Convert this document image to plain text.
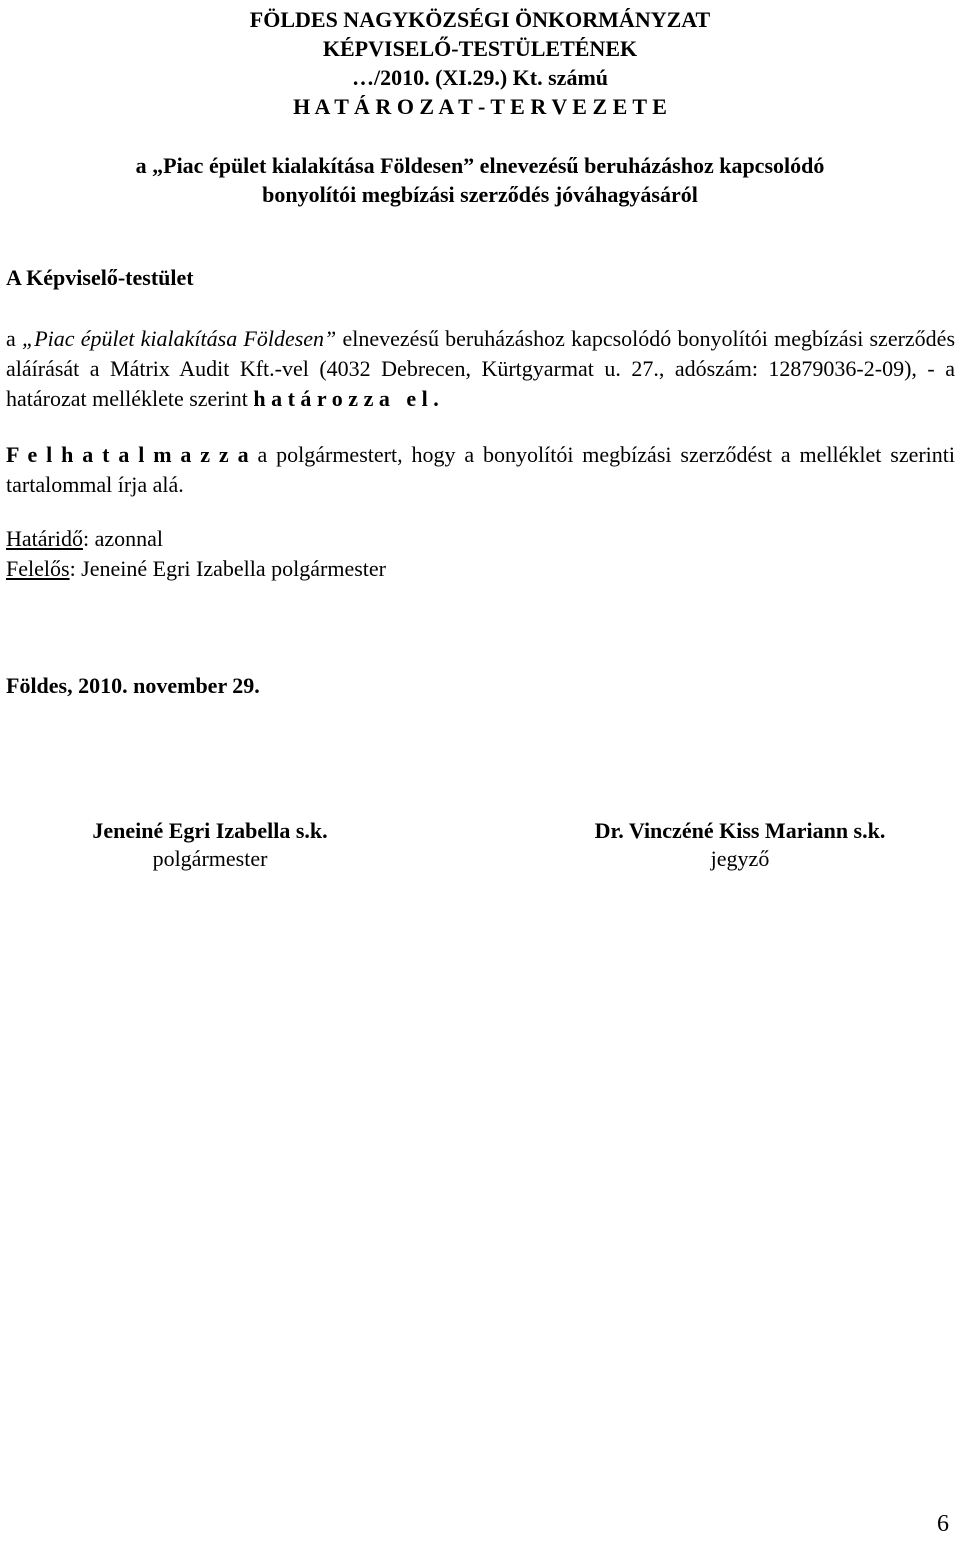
FÖLDES NAGYKÖZSÉGI ÖNKORMÁNYZAT
KÉPVISELŐ-TESTÜLETÉNEK
…/2010. (XI.29.) Kt. számú
H A T Á R O Z A T - T E R V E Z E T E
a „Piac épület kialakítása Földesen” elnevezésű beruházáshoz kapcsolódó
bonyolítói megbízási szerződés jóváhagyásáról
A Képviselő-testület
a „Piac épület kialakítása Földesen” elnevezésű beruházáshoz kapcsolódó bonyolítói megbízási szerződés aláírását a Mátrix Audit Kft.-vel (4032 Debrecen, Kürtgyarmat u. 27., adószám: 12879036-2-09), - a határozat melléklete szerint h a t á r o z z a   e l .
F e l h a t a l m a z z a a polgármestert, hogy a bonyolítói megbízási szerződést a melléklet szerinti tartalommal írja alá.
Határidő: azonnal
Felelős: Jeneiné Egri Izabella polgármester
Földes, 2010. november 29.
Jeneiné Egri Izabella s.k.
polgármester
Dr. Vinczéné Kiss Mariann s.k.
jegyző
6
